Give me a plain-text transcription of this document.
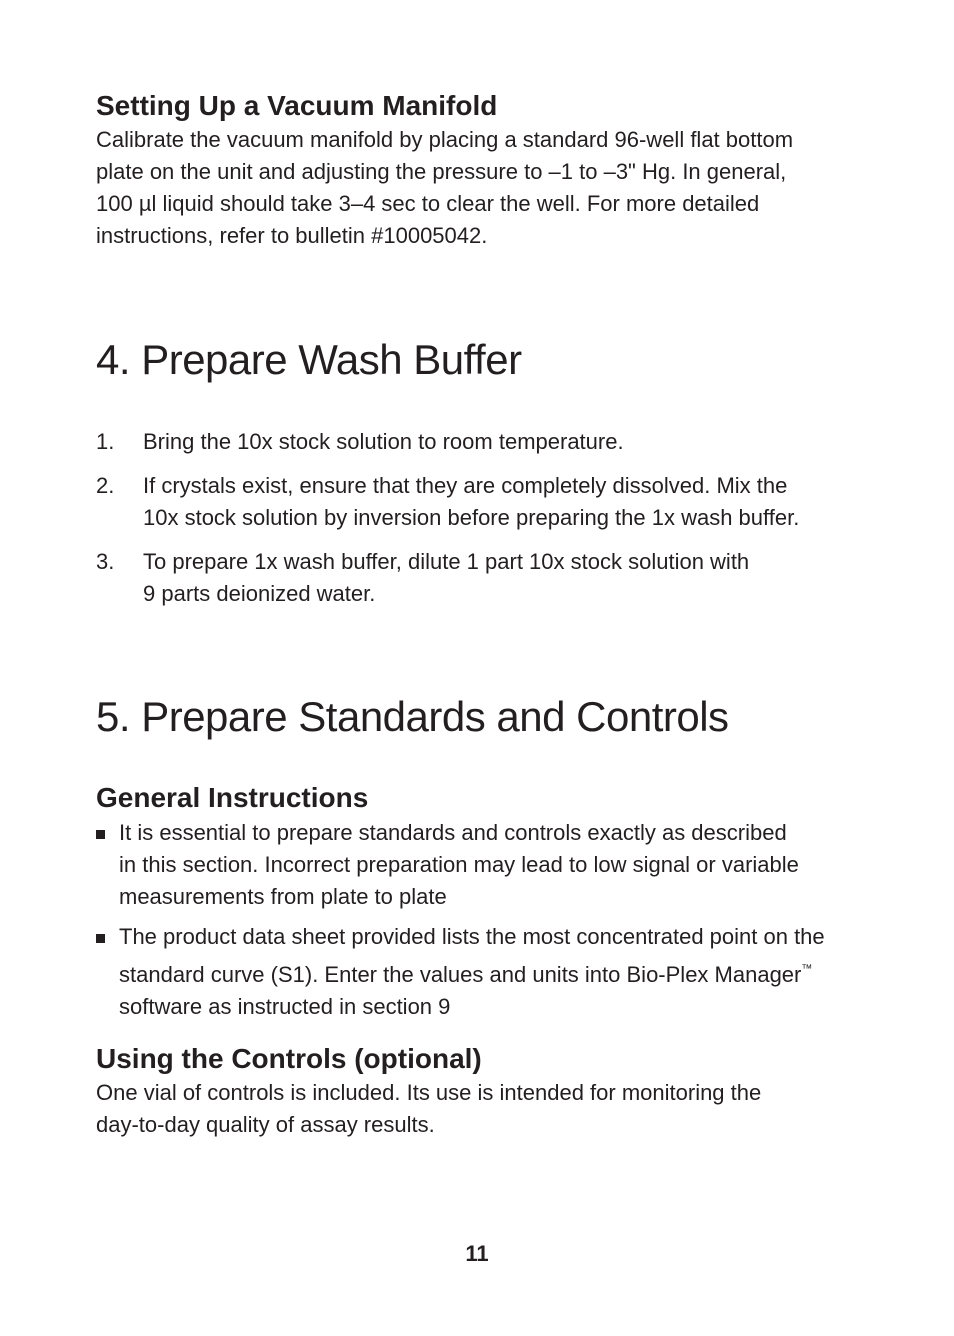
Setting Up a Vacuum Manifold

Calibrate the vacuum manifold by placing a standard 96-well flat bottom
plate on the unit and adjusting the pressure to –1 to –3" Hg. In general,
100 µl liquid should take 3–4 sec to clear the well. For more detailed
instructions, refer to bulletin #10005042.

4. Prepare Wash Buffer
1. Bring the 10x stock solution to room temperature.
2. If crystals exist, ensure that they are completely dissolved. Mix the
10x stock solution by inversion before preparing the 1x wash buffer.
3. To prepare 1x wash buffer, dilute 1 part 10x stock solution with
9 parts deionized water.
5. Prepare Standards and Controls
General Instructions
It is essential to prepare standards and controls exactly as described
in this section. Incorrect preparation may lead to low signal or variable
measurements from plate to plate
The product data sheet provided lists the most concentrated point on the
standard curve (S1). Enter the values and units into Bio-Plex Manager™
software as instructed in section 9
Using the Controls (optional)

One vial of controls is included. Its use is intended for monitoring the
day-to-day quality of assay results.

11
